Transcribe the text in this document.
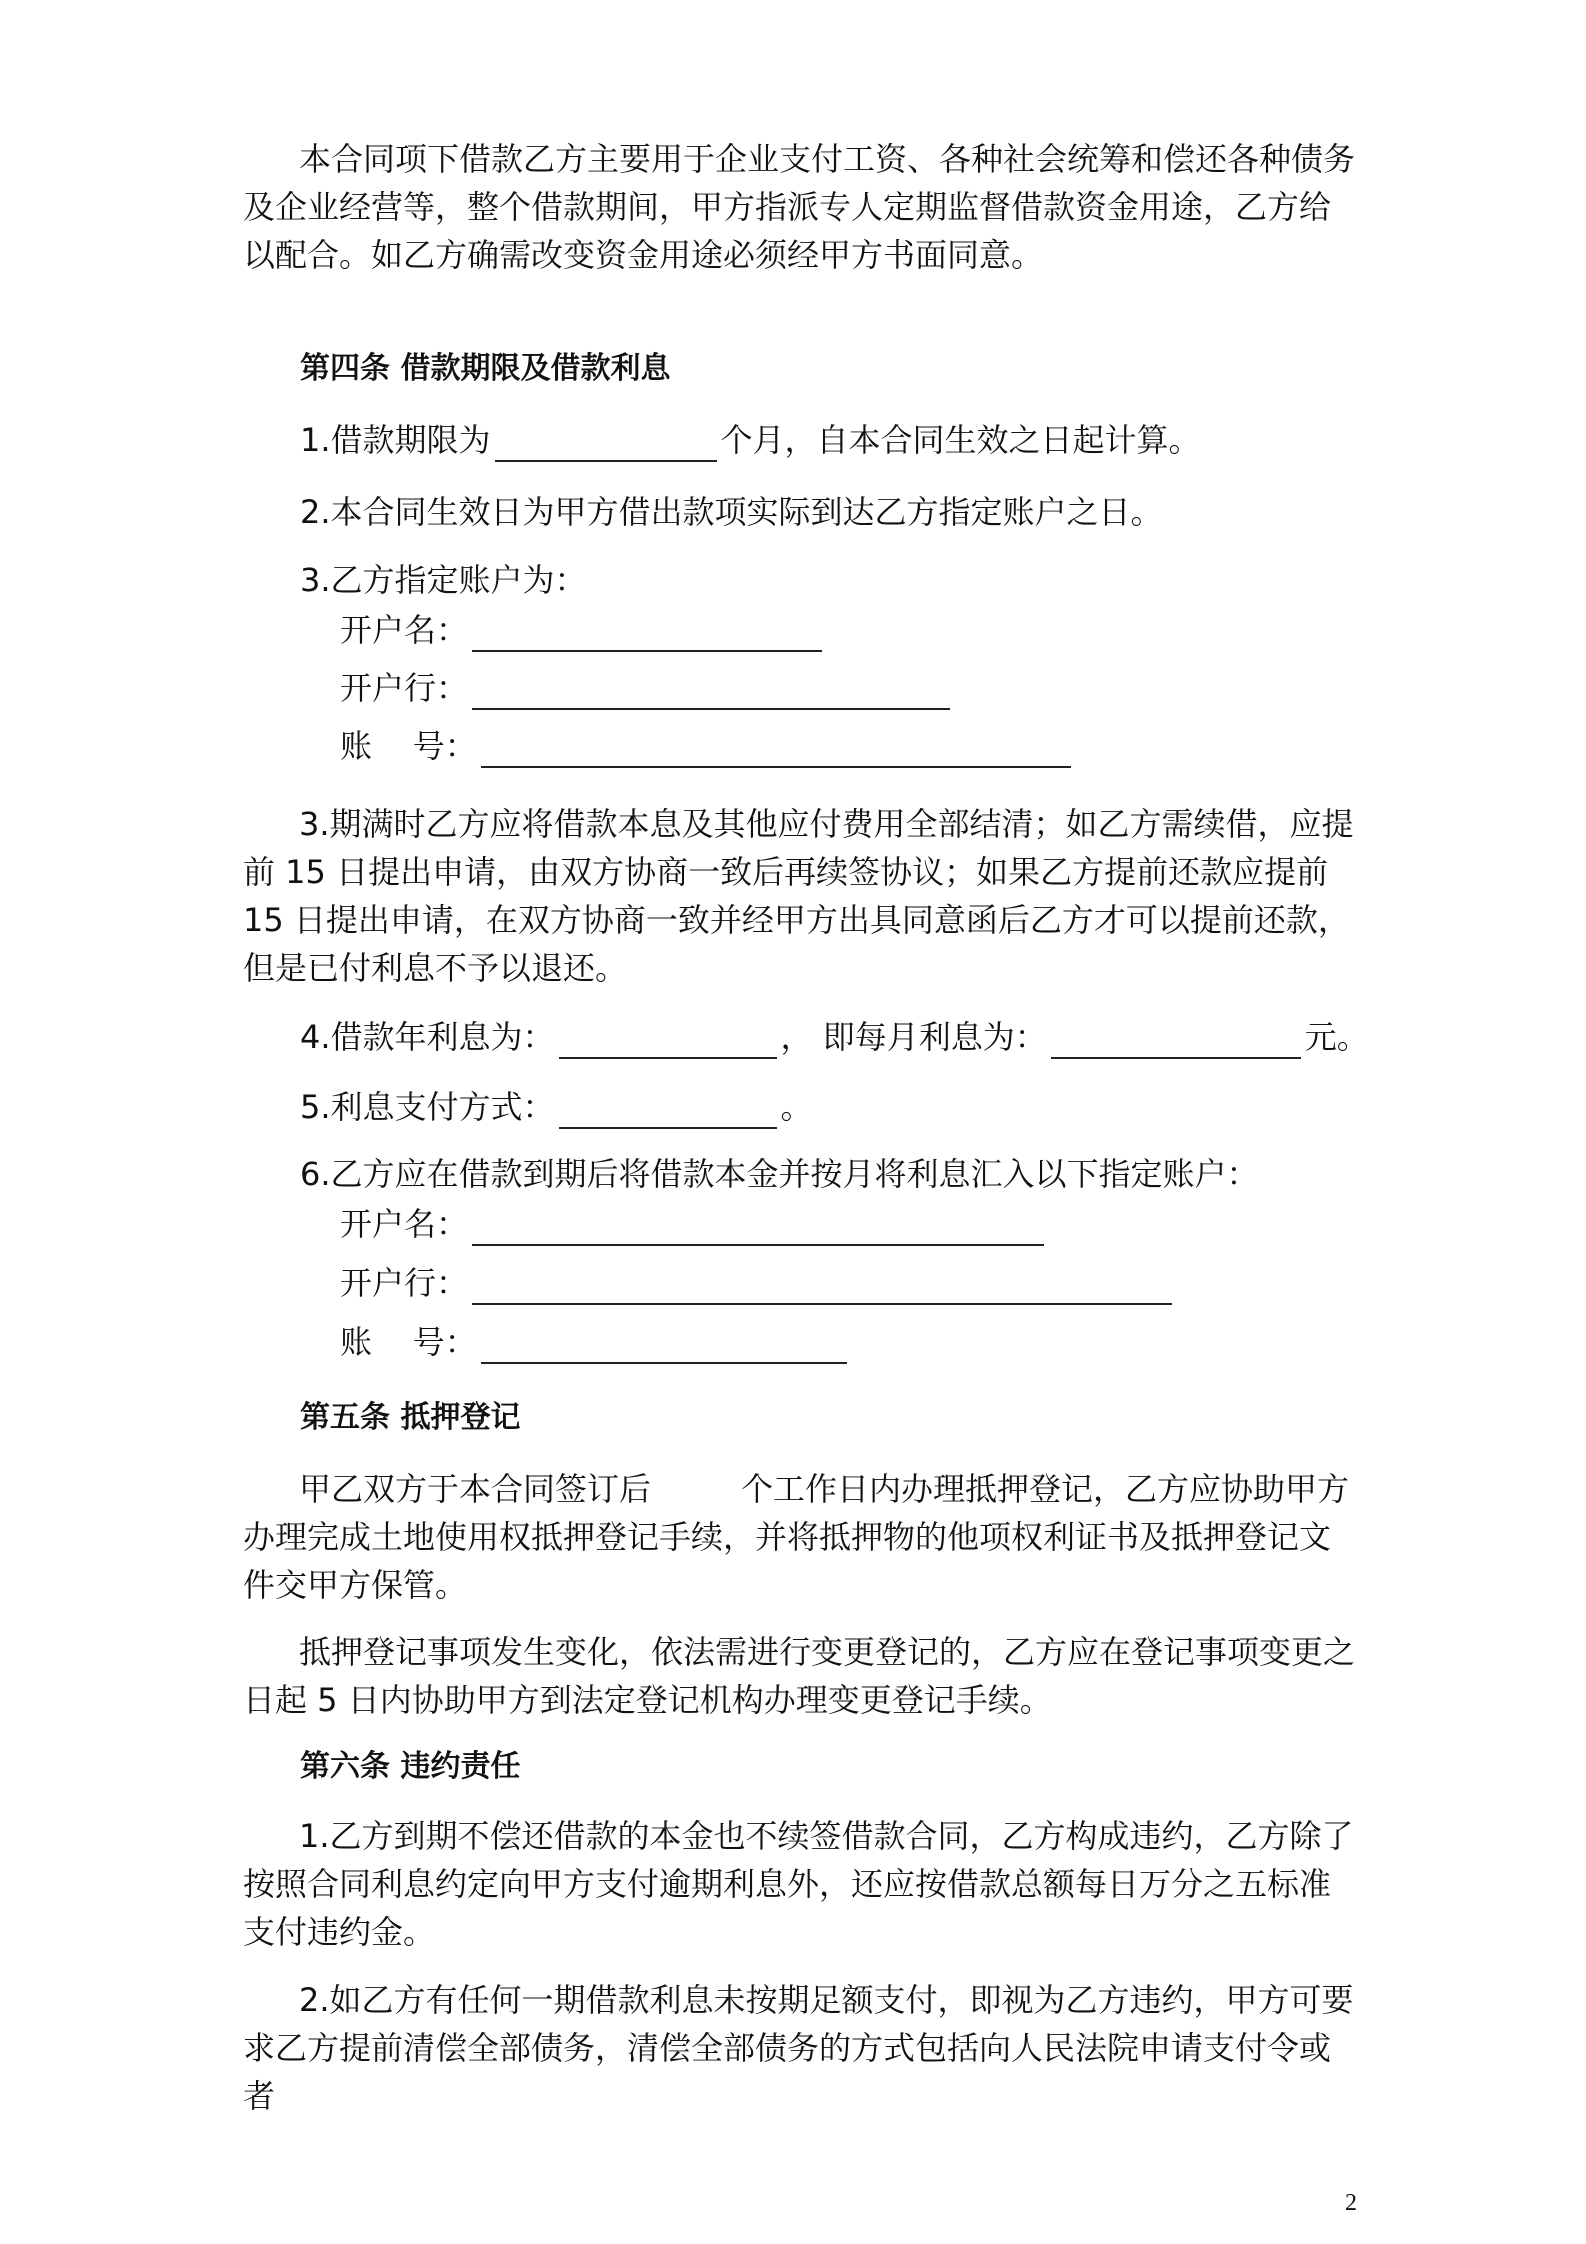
本合同项下借款乙方主要用于企业支付工资、各种社会统筹和偿还各种债务及企业经营等，整个借款期间，甲方指派专人定期监督借款资金用途，乙方给以配合。如乙方确需改变资金用途必须经甲方书面同意。

第四条 借款期限及借款利息

1.借款期限为	个月，自本合同生效之日起计算。

2.本合同生效日为甲方借出款项实际到达乙方指定账户之日。

3.乙方指定账户为：

开户名：

开户行：

账    号：

3.期满时乙方应将借款本息及其他应付费用全部结清；如乙方需续借，应提前 15 日提出申请，由双方协商一致后再续签协议；如果乙方提前还款应提前 15 日提出申请，在双方协商一致并经甲方出具同意函后乙方才可以提前还款，但是已付利息不予以退还。

4.借款年利息为：	， 即每月利息为：	元。

5.利息支付方式：	。

6.乙方应在借款到期后将借款本金并按月将利息汇入以下指定账户：

开户名：

开户行：

账    号：

第五条 抵押登记

甲乙双方于本合同签订后	个工作日内办理抵押登记，乙方应协助甲方办理完成土地使用权抵押登记手续，并将抵押物的他项权利证书及抵押登记文件交甲方保管。

抵押登记事项发生变化，依法需进行变更登记的，乙方应在登记事项变更之日起 5 日内协助甲方到法定登记机构办理变更登记手续。

第六条 违约责任

1.乙方到期不偿还借款的本金也不续签借款合同，乙方构成违约，乙方除了按照合同利息约定向甲方支付逾期利息外，还应按借款总额每日万分之五标准支付违约金。

2.如乙方有任何一期借款利息未按期足额支付，即视为乙方违约，甲方可要求乙方提前清偿全部债务，清偿全部债务的方式包括向人民法院申请支付令或者

2
